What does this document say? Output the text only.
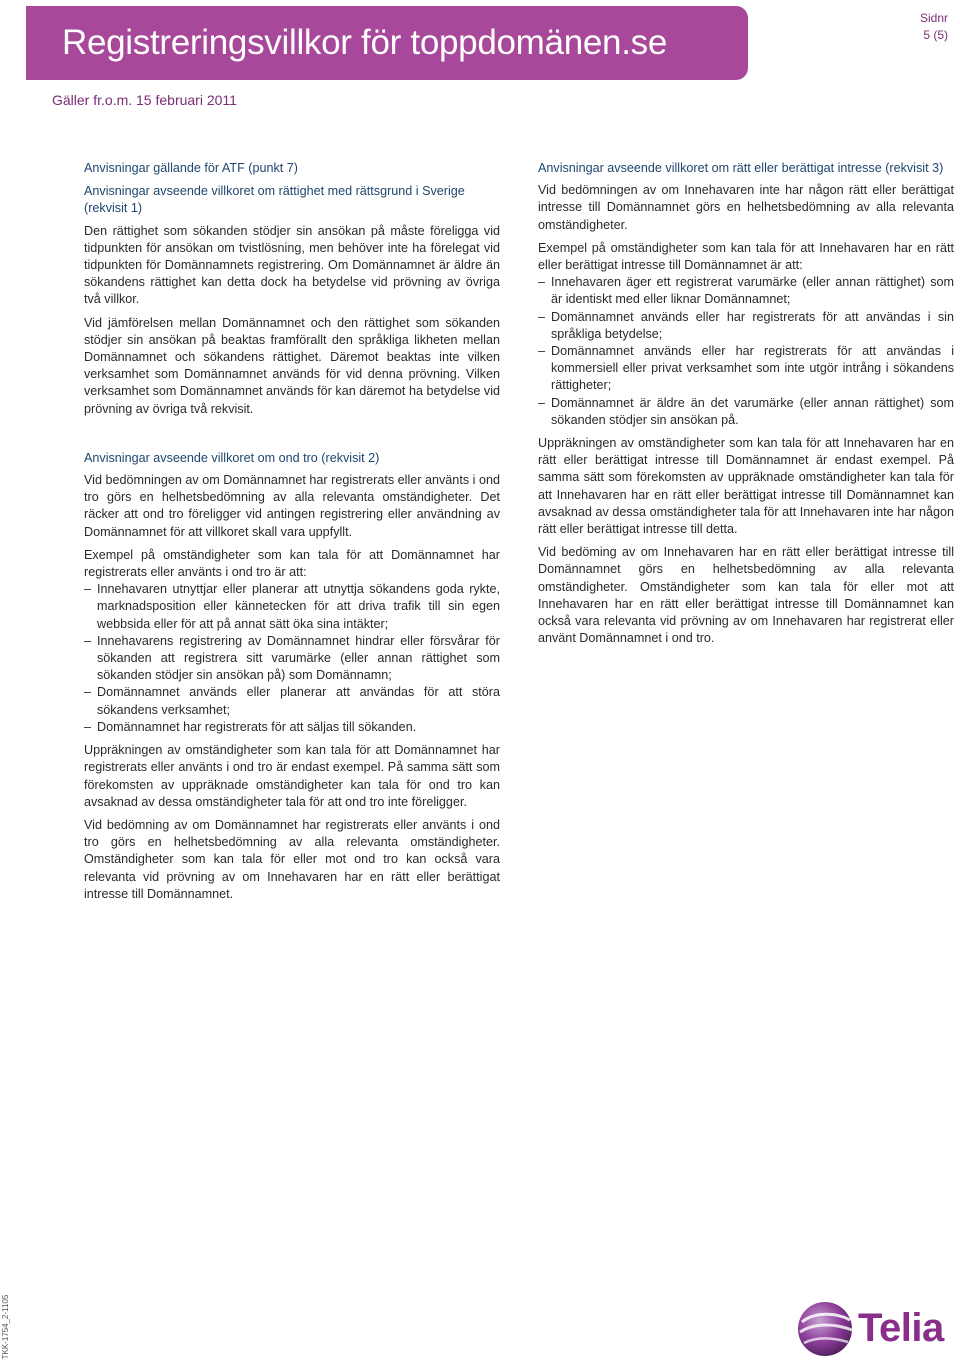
Registreringsvillkor för toppdomänen.se
Sidnr
5 (5)
Gäller fr.o.m. 15 februari 2011
Anvisningar gällande för ATF (punkt 7)
Anvisningar avseende villkoret om rättighet med rättsgrund i Sverige (rekvisit 1)

Den rättighet som sökanden stödjer sin ansökan på måste föreligga vid tidpunkten för ansökan om tvistlösning, men behöver inte ha förelegat vid tidpunkten för Domännamnets registrering. Om Domännamnet är äldre än sökandens rättighet kan detta dock ha betydelse vid prövning av övriga två villkor.

Vid jämförelsen mellan Domännamnet och den rättighet som sökanden stödjer sin ansökan på beaktas framförallt den språkliga likheten mellan Domännamnet och sökandens rättighet. Däremot beaktas inte vilken verksamhet som Domännamnet används för vid denna prövning. Vilken verksamhet som Domännamnet används för kan däremot ha betydelse vid prövning av övriga två rekvisit.

Anvisningar avseende villkoret om ond tro (rekvisit 2)

Vid bedömningen av om Domännamnet har registrerats eller använts i ond tro görs en helhetsbedömning av alla relevanta omständigheter. Det räcker att ond tro föreligger vid antingen registrering eller användning av Domännamnet för att villkoret skall vara uppfyllt.

Exempel på omständigheter som kan tala för att Domännamnet har registrerats eller använts i ond tro är att:

– Innehavaren utnyttjar eller planerar att utnyttja sökandens goda rykte, marknadsposition eller kännetecken för att driva trafik till sin egen webbsida eller för att på annat sätt öka sina intäkter;
– Innehavarens registrering av Domännamnet hindrar eller försvårar för sökanden att registrera sitt varumärke (eller annan rättighet som sökanden stödjer sin ansökan på) som Domännamn;
– Domännamnet används eller planerar att användas för att störa sökandens verksamhet;
– Domännamnet har registrerats för att säljas till sökanden.

Uppräkningen av omständigheter som kan tala för att Domännamnet har registrerats eller använts i ond tro är endast exempel. På samma sätt som förekomsten av uppräknade omständigheter kan tala för ond tro kan avsaknad av dessa omständigheter tala för att ond tro inte föreligger.

Vid bedömning av om Domännamnet har registrerats eller använts i ond tro görs en helhetsbedömning av alla relevanta omständigheter. Omständigheter som kan tala för eller mot ond tro kan också vara relevanta vid prövning av om Innehavaren har en rätt eller berättigat intresse till Domännamnet.

Anvisningar avseende villkoret om rätt eller berättigat intresse (rekvisit 3)

Vid bedömningen av om Innehavaren inte har någon rätt eller berättigat intresse till Domännamnet görs en helhetsbedömning av alla relevanta omständigheter.

Exempel på omständigheter som kan tala för att Innehavaren har en rätt eller berättigat intresse till Domännamnet är att:

– Innehavaren äger ett registrerat varumärke (eller annan rättighet) som är identiskt med eller liknar Domännamnet;
– Domännamnet används eller har registrerats för att användas i sin språkliga betydelse;
– Domännamnet används eller har registrerats för att användas i kommersiell eller privat verksamhet som inte utgör intrång i sökandens rättigheter;
– Domännamnet är äldre än det varumärke (eller annan rättighet) som sökanden stödjer sin ansökan på.

Uppräkningen av omständigheter som kan tala för att Innehavaren har en rätt eller berättigat intresse till Domännamnet är endast exempel. På samma sätt som förekomsten av uppräknade omständigheter kan tala för att Innehavaren har en rätt eller berättigat intresse till Domännamnet kan avsaknad av dessa omständigheter tala för att Innehavaren inte har någon rätt eller berättigat intresse till detta.

Vid bedöming av om Innehavaren har en rätt eller berättigat intresse till Domännamnet görs en helhetsbedömning av alla relevanta omständigheter. Omständigheter som kan tala för eller mot att Innehavaren har en rätt eller berättigat intresse till Domännamnet kan också vara relevanta vid prövning av om Innehavaren har registrerat eller använt Domännamnet i ond tro.

TKK-1754_2-1105	Telia
